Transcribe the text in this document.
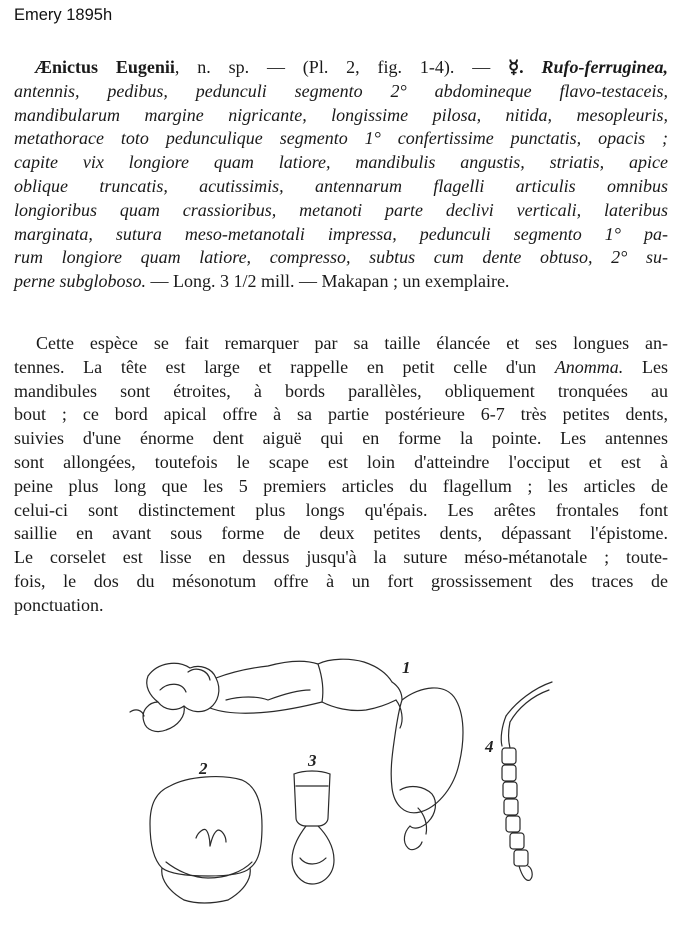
Emery 1895h
Ænictus Eugenii, n. sp. — (Pl. 2, fig. 1-4). — ☿. Rufo-ferruginea,
antennis, pedibus, pedunculi segmento 2° abdomineque flavo-testaceis,
mandibularum margine nigricante, longissime pilosa, nitida, mesopleuris,
metathorace toto pedunculique segmento 1° confertissime punctatis, opacis ;
capite vix longiore quam latiore, mandibulis angustis, striatis, apice
oblique truncatis, acutissimis, antennarum flagelli articulis omnibus
longioribus quam crassioribus, metanoti parte declivi verticali, lateribus
marginata, sutura meso-metanotali impressa, pedunculi segmento 1° pa-
rum longiore quam latiore, compresso, subtus cum dente obtuso, 2° su-
perne subgloboso. — Long. 3 1/2 mill. — Makapan ; un exemplaire.
Cette espèce se fait remarquer par sa taille élancée et ses longues an-
tennes. La tête est large et rappelle en petit celle d'un Anomma. Les
mandibules sont étroites, à bords parallèles, obliquement tronquées au
bout ; ce bord apical offre à sa partie postérieure 6-7 très petites dents,
suivies d'une énorme dent aiguë qui en forme la pointe. Les antennes
sont allongées, toutefois le scape est loin d'atteindre l'occiput et est à
peine plus long que les 5 premiers articles du flagellum ; les articles de
celui-ci sont distinctement plus longs qu'épais. Les arêtes frontales font
saillie en avant sous forme de deux petites dents, dépassant l'épistome.
Le corselet est lisse en dessus jusqu'à la suture méso-métanotale ; toute-
fois, le dos du mésonotum offre à un fort grossissement des traces de
ponctuation.
1
2	3
4
